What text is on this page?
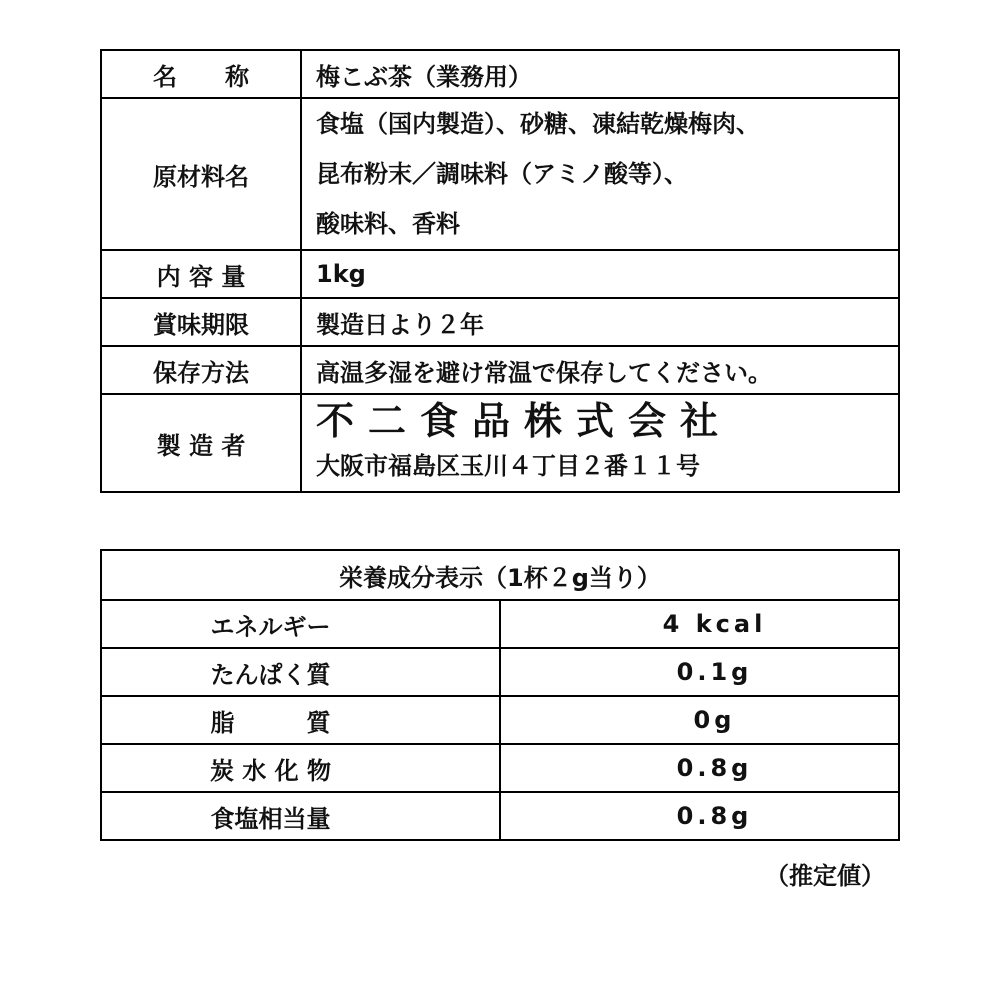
名　　称	梅こぶ茶（業務用）
原材料名	食塩（国内製造）、砂糖、凍結乾燥梅肉、
昆布粉末／調味料（アミノ酸等）、
酸味料、香料

内 容 量	1kg
賞味期限	製造日より２年
保存方法	高温多湿を避け常温で保存してください。
製 造 者	不二食品株式会社
大阪市福島区玉川４丁目２番１１号
栄養成分表示（1杯２g当り）	
エネルギー	4 kcal
たんぱく質	0.1g
脂　　　質	0g
炭 水 化 物	0.8g
食塩相当量	0.8g
（推定値）
